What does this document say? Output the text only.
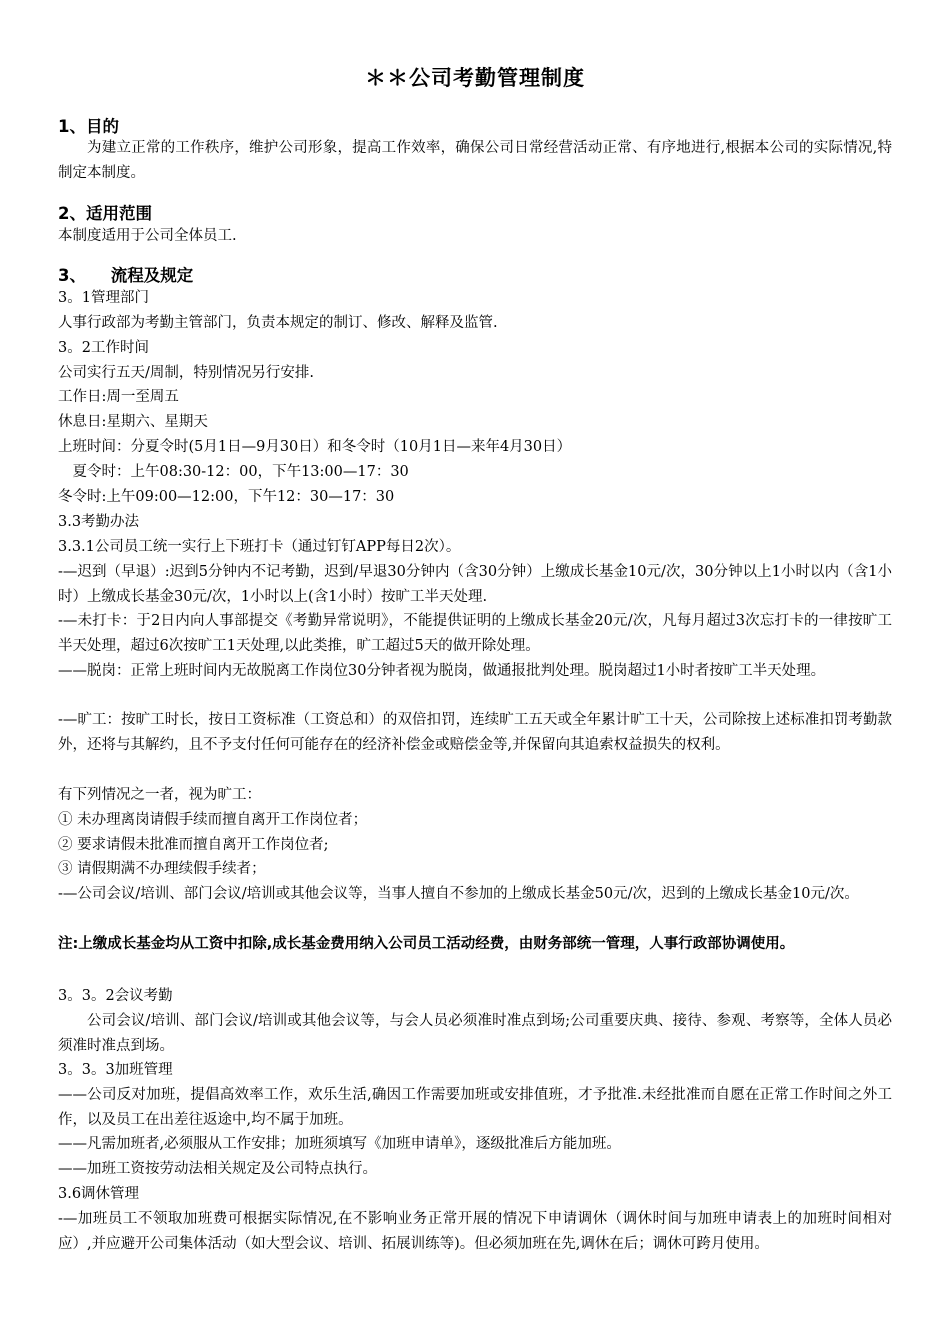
＊＊公司考勤管理制度
1、目的
为建立正常的工作秩序，维护公司形象，提高工作效率，确保公司日常经营活动正常、有序地进行,根据本公司的实际情况,特制定本制度。
2、适用范围
本制度适用于公司全体员工.
3、　　流程及规定
3。1管理部门
人事行政部为考勤主管部门，负责本规定的制订、修改、解释及监管.
3。2工作时间
公司实行五天/周制，特别情况另行安排.
工作日:周一至周五
休息日:星期六、星期天
上班时间：分夏令时(5月1日—9月30日）和冬令时（10月1日—来年4月30日）
　夏令时：上午08:30-12：00，下午13:00—17：30
冬令时:上午09:00—12:00，下午12：30—17：30
3.3考勤办法
3.3.1公司员工统一实行上下班打卡（通过钉钉APP每日2次）。
-—迟到（早退）:迟到5分钟内不记考勤，迟到/早退30分钟内（含30分钟）上缴成长基金10元/次，30分钟以上1小时以内（含1小时）上缴成长基金30元/次，1小时以上(含1小时）按旷工半天处理.
-—未打卡：于2日内向人事部提交《考勤异常说明》，不能提供证明的上缴成长基金20元/次，凡每月超过3次忘打卡的一律按旷工半天处理，超过6次按旷工1天处理,以此类推，旷工超过5天的做开除处理。
——脱岗：正常上班时间内无故脱离工作岗位30分钟者视为脱岗，做通报批判处理。脱岗超过1小时者按旷工半天处理。
-—旷工：按旷工时长，按日工资标准（工资总和）的双倍扣罚，连续旷工五天或全年累计旷工十天，公司除按上述标准扣罚考勤款外，还将与其解约，且不予支付任何可能存在的经济补偿金或赔偿金等,并保留向其追索权益损失的权利。
有下列情况之一者，视为旷工：
① 未办理离岗请假手续而擅自离开工作岗位者；
② 要求请假未批准而擅自离开工作岗位者;
③ 请假期满不办理续假手续者；
-—公司会议/培训、部门会议/培训或其他会议等，当事人擅自不参加的上缴成长基金50元/次，迟到的上缴成长基金10元/次。
注:上缴成长基金均从工资中扣除,成长基金费用纳入公司员工活动经费，由财务部统一管理，人事行政部协调使用。
3。3。2会议考勤
公司会议/培训、部门会议/培训或其他会议等，与会人员必须准时准点到场;公司重要庆典、接待、参观、考察等，全体人员必须准时准点到场。
3。3。3加班管理
——公司反对加班，提倡高效率工作，欢乐生活,确因工作需要加班或安排值班，才予批准.未经批准而自愿在正常工作时间之外工作，以及员工在出差往返途中,均不属于加班。
——凡需加班者,必须服从工作安排；加班须填写《加班申请单》，逐级批准后方能加班。
——加班工资按劳动法相关规定及公司特点执行。
3.6调休管理
-—加班员工不领取加班费可根据实际情况,在不影响业务正常开展的情况下申请调休（调休时间与加班申请表上的加班时间相对应）,并应避开公司集体活动（如大型会议、培训、拓展训练等)。但必须加班在先,调休在后；调休可跨月使用。
